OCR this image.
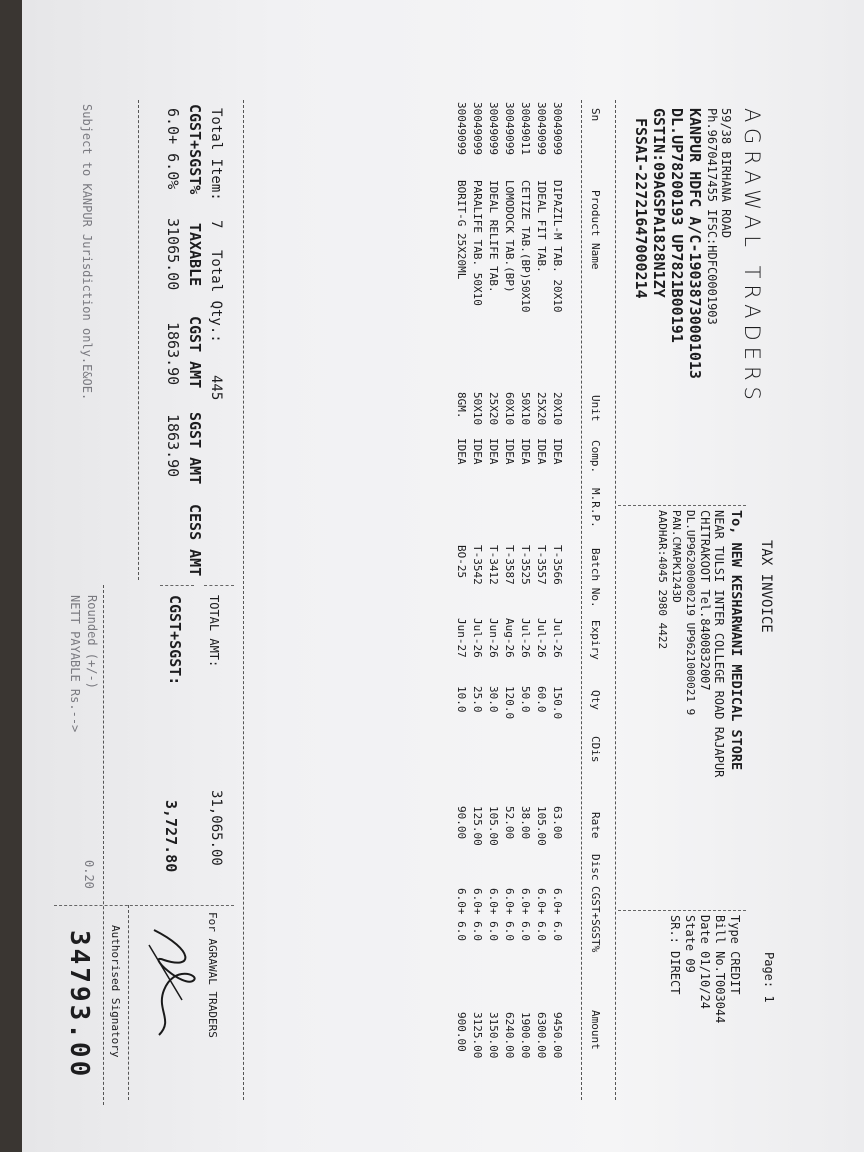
AGRAWAL TRADERS
59/38 BIRHANA ROAD
Ph.9670417455 IFSC:HDFC0001903
KANPUR HDFC A/C-19038730001013
DL.UP78200193 UP7821B00191
GSTIN:09AGSPA1828N1ZY
FSSAI-22721647000214
TAX INVOICE
Page: 1
To, NEW KESHARWANI MEDICAL STORE
NEAR TULSI INTER COLLEGE ROAD RAJAPUR
CHITRAKOOT Tel.8400832007
DL.UP96200000219 UP9621000021 9
PAN.CMAPK1243D
AADHAR:4045 2980 4422
Type CREDIT
Bill No.T003044
Date 01/10/24
State 09
SR.: DIRECT
Sn
Product Name
Unit
Comp.
M.R.P.
Batch No.
Expiry
Qty
CDis
Rate
Disc
CGST+SGST%
Amount
30049099
DIPAZIL-M TAB. 20X10
20X10
IDEA
T-3566
Jul-26
150.0
63.00
6.0+ 6.0
9450.00
30049099
IDEAL FIT TAB.
25X20
IDEA
T-3557
Jul-26
60.0
105.00
6.0+ 6.0
6300.00
30049011
CETIZE TAB.(BP)50X10
50X10
IDEA
T-3525
Jul-26
50.0
38.00
6.0+ 6.0
1900.00
30049099
LOMODOCK TAB.(BP)
60X10
IDEA
T-3587
Aug-26
120.0
52.00
6.0+ 6.0
6240.00
30049099
IDEAL RELIFE TAB.
25X20
IDEA
T-3412
Jun-26
30.0
105.00
6.0+ 6.0
3150.00
30049099
PARALIFE TAB. 50X10
50X10
IDEA
T-3542
Jul-26
25.0
125.00
6.0+ 6.0
3125.00
30049099
BORIT-G 25X20ML
8GM.
IDEA
BO-25
Jun-27
10.0
90.00
6.0+ 6.0
900.00
Total Item:
7
Total Qty.:
445
TOTAL AMT:
31,065.00
For AGRAWAL TRADERS
CGST+SGST%
TAXABLE
CGST AMT
SGST AMT
CESS AMT
6.0+ 6.0%
31065.00
1863.90
1863.90
CGST+SGST:
3,727.80
Authorised Signatory
Rounded (+/-)
0.20
NETT PAYABLE Rs.-->
34793.00
Subject to KANPUR Jurisdiction only.E&OE.
